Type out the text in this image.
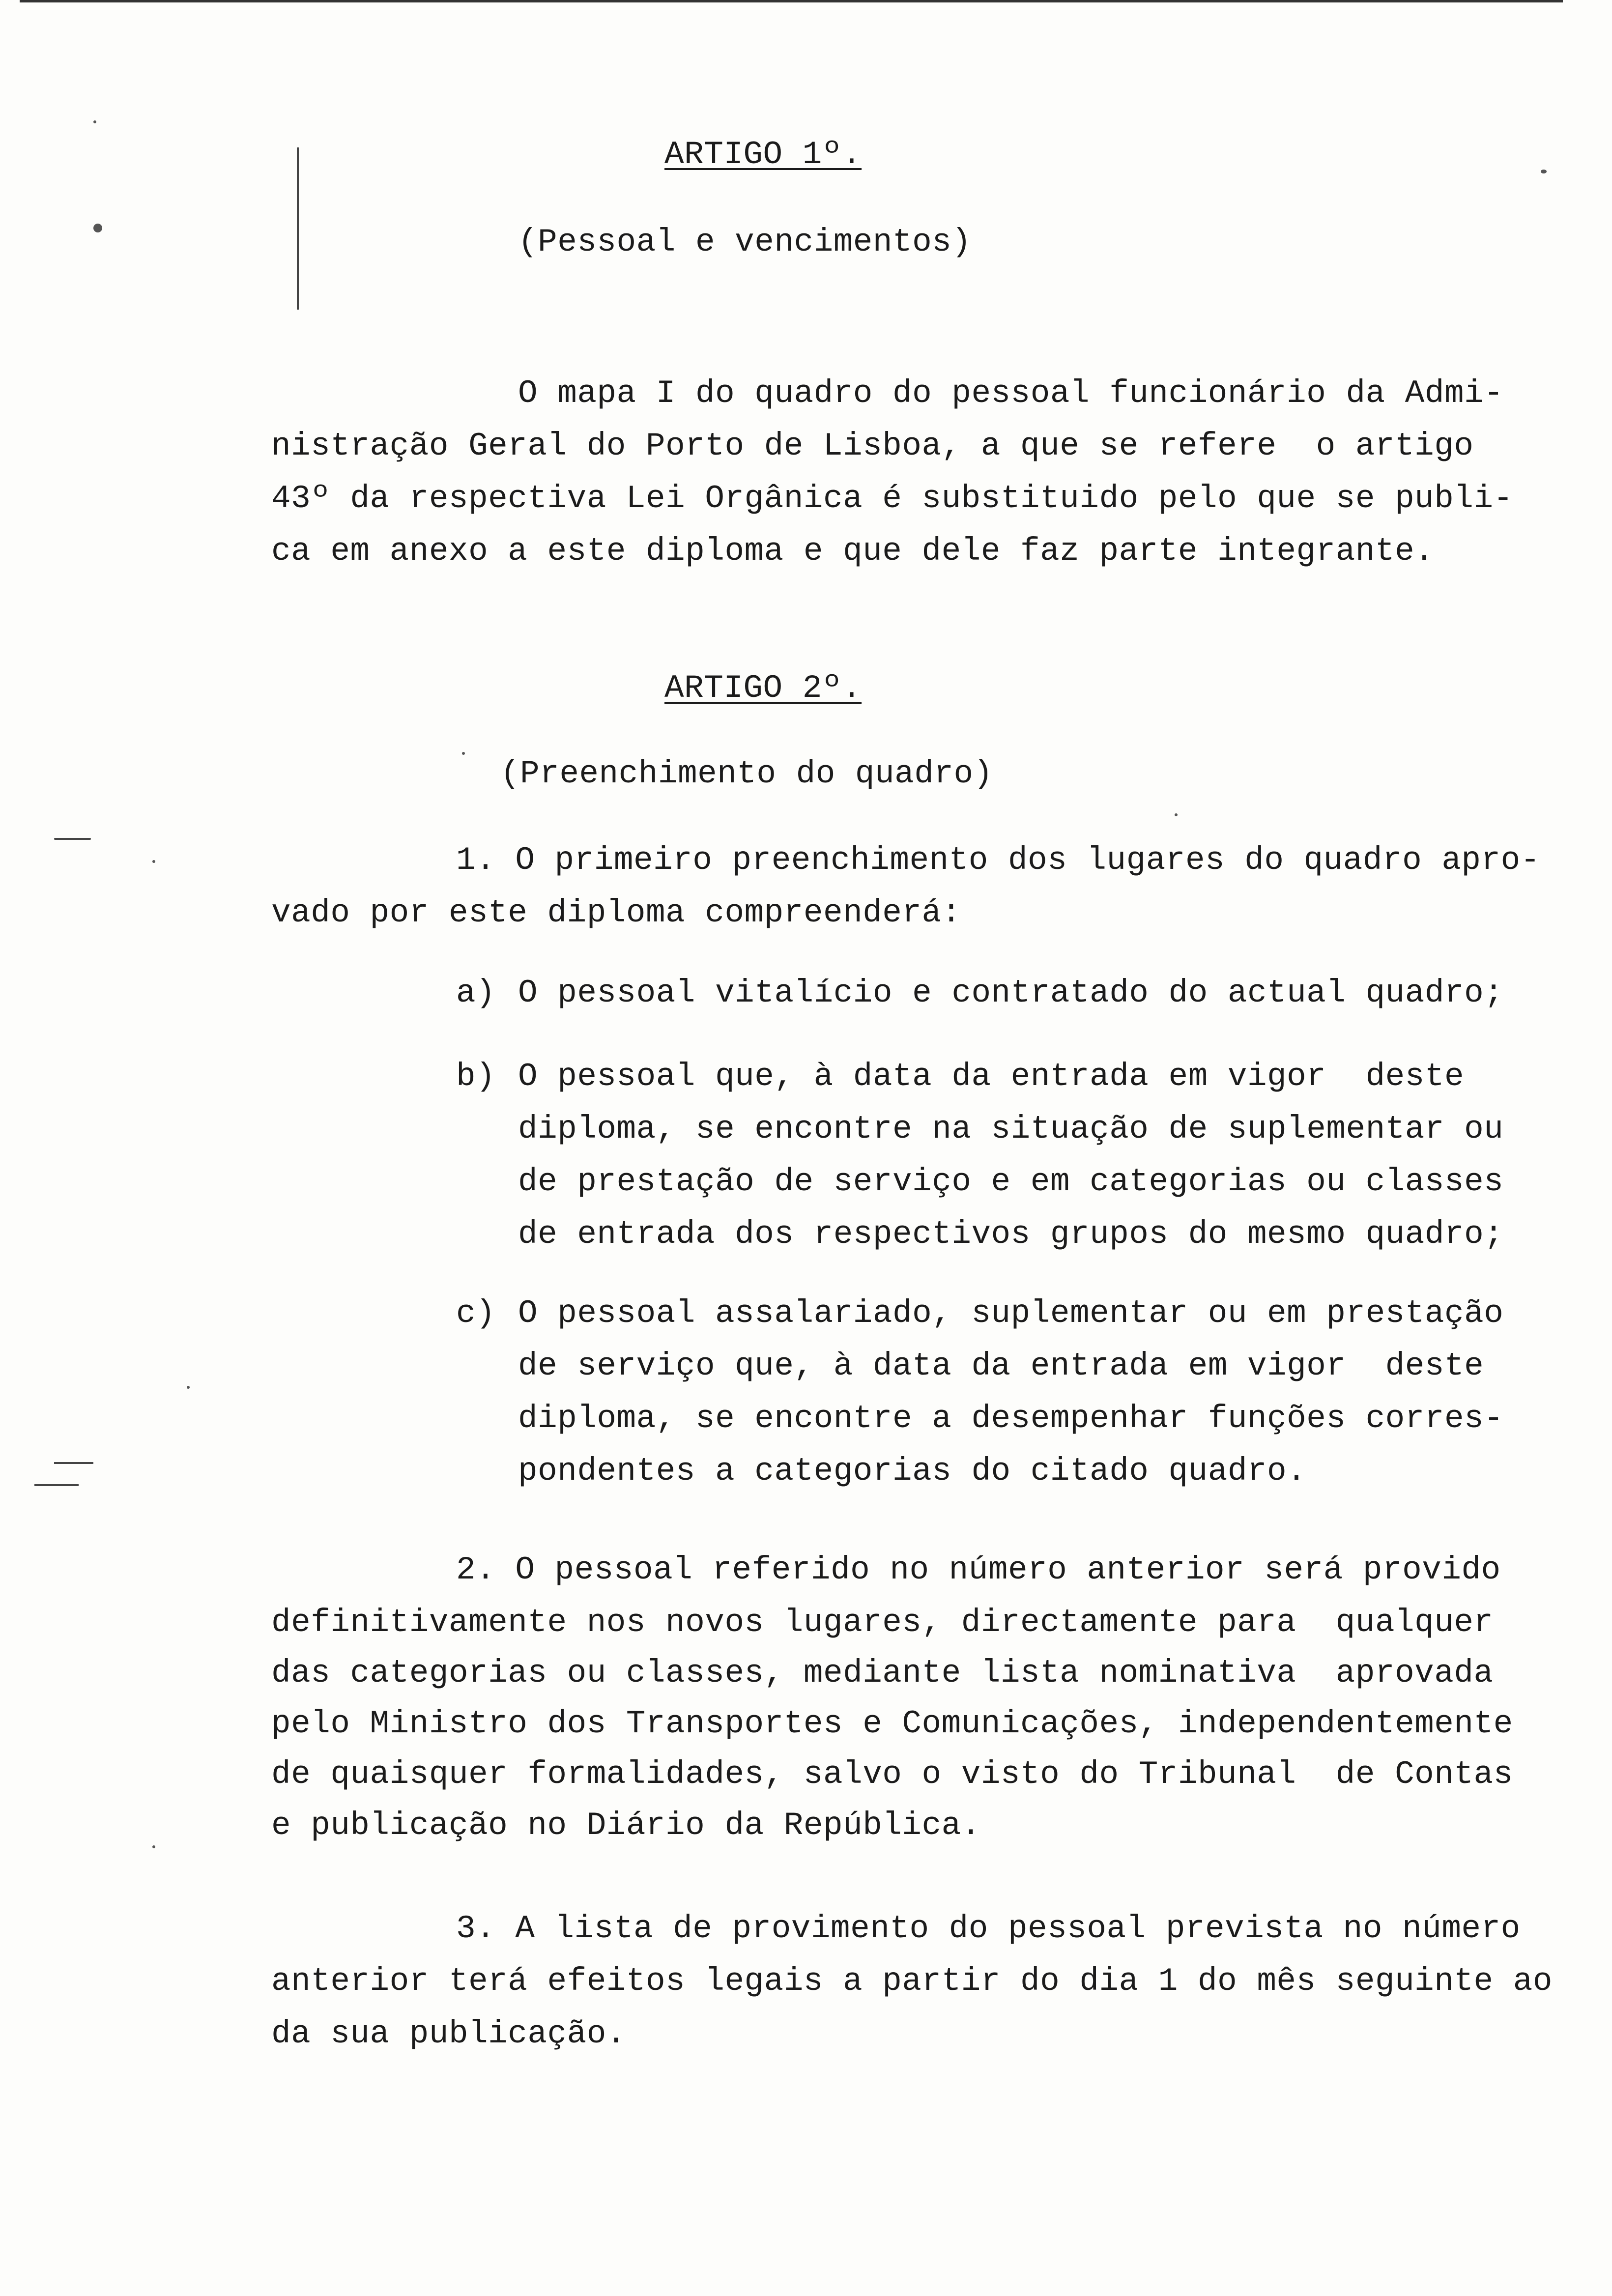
ARTIGO 1º.
(Pessoal e vencimentos)
O mapa I do quadro do pessoal funcionário da Admi-
nistração Geral do Porto de Lisboa, a que se refere  o artigo
43º da respectiva Lei Orgânica é substituido pelo que se publi-
ca em anexo a este diploma e que dele faz parte integrante.
ARTIGO 2º.
(Preenchimento do quadro)
1. O primeiro preenchimento dos lugares do quadro apro-
vado por este diploma compreenderá:
a) O pessoal vitalício e contratado do actual quadro;
b) O pessoal que, à data da entrada em vigor  deste
diploma, se encontre na situação de suplementar ou
de prestação de serviço e em categorias ou classes
de entrada dos respectivos grupos do mesmo quadro;
c) O pessoal assalariado, suplementar ou em prestação
de serviço que, à data da entrada em vigor  deste
diploma, se encontre a desempenhar funções corres-
pondentes a categorias do citado quadro.
2. O pessoal referido no número anterior será provido
definitivamente nos novos lugares, directamente para  qualquer
das categorias ou classes, mediante lista nominativa  aprovada
pelo Ministro dos Transportes e Comunicações, independentemente
de quaisquer formalidades, salvo o visto do Tribunal  de Contas
e publicação no Diário da República.
3. A lista de provimento do pessoal prevista no número
anterior terá efeitos legais a partir do dia 1 do mês seguinte ao
da sua publicação.
